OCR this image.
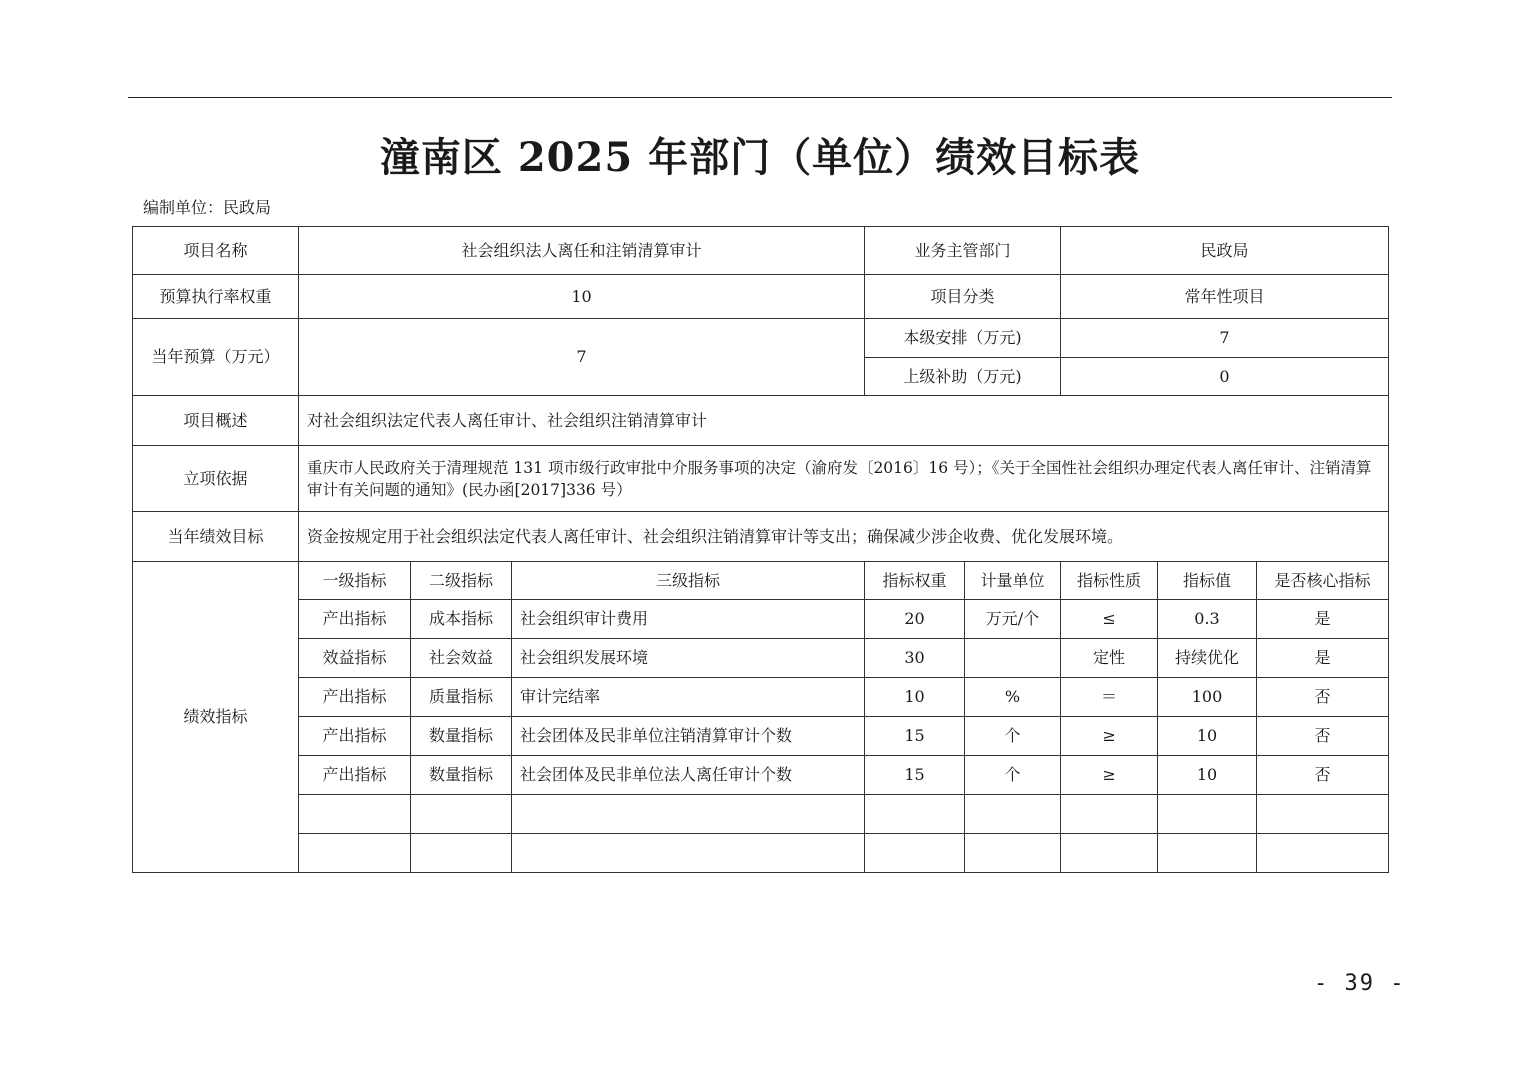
潼南区 2025 年部门（单位）绩效目标表
编制单位：民政局
项目名称	社会组织法人离任和注销清算审计			业务主管部门		民政局		
预算执行率权重	10			项目分类		常年性项目		
当年预算（万元）	7			本级安排（万元)		7		
				上级补助（万元)		0		
项目概述	对社会组织法定代表人离任审计、社会组织注销清算审计							
立项依据	重庆市人民政府关于清理规范 131 项市级行政审批中介服务事项的决定（渝府发〔2016〕16 号）；《关于全国性社会组织办理定代表人离任审计、注销清算审计有关问题的通知》(民办函[2017]336 号）							
当年绩效目标	资金按规定用于社会组织法定代表人离任审计、社会组织注销清算审计等支出；确保减少涉企收费、优化发展环境。							
绩效指标	一级指标	二级指标	三级指标	指标权重	计量单位	指标性质	指标值	是否核心指标
	产出指标	成本指标	社会组织审计费用	20	万元/个	≤	0.3	是
	效益指标	社会效益	社会组织发展环境	30		定性	持续优化	是
	产出指标	质量指标	审计完结率	10	%	＝	100	否
	产出指标	数量指标	社会团体及民非单位注销清算审计个数	15	个	≥	10	否
	产出指标	数量指标	社会团体及民非单位法人离任审计个数	15	个	≥	10	否

- 39 -
